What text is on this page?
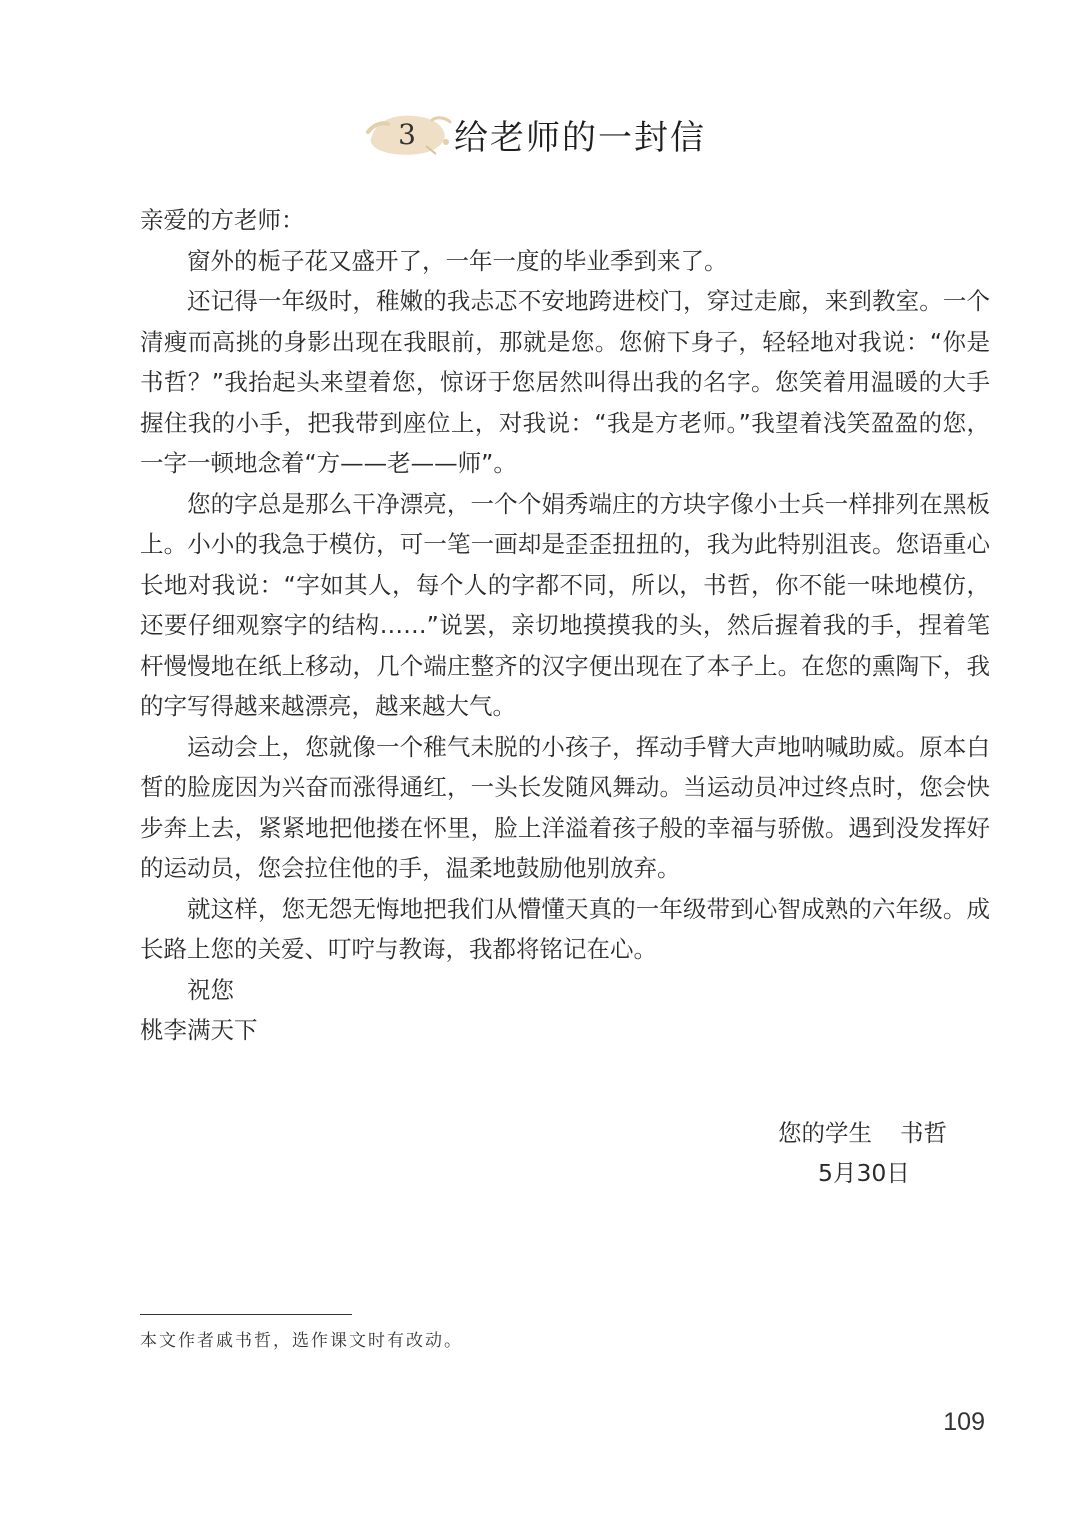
3 给老师的一封信

亲爱的方老师：

窗外的栀子花又盛开了，一年一度的毕业季到来了。

还记得一年级时，稚嫩的我忐忑不安地跨进校门，穿过走廊，来到教室。一个清瘦而高挑的身影出现在我眼前，那就是您。您俯下身子，轻轻地对我说：“你是书哲？”我抬起头来望着您，惊讶于您居然叫得出我的名字。您笑着用温暖的大手握住我的小手，把我带到座位上，对我说：“我是方老师。”我望着浅笑盈盈的您，一字一顿地念着“方——老——师”。

您的字总是那么干净漂亮，一个个娟秀端庄的方块字像小士兵一样排列在黑板上。小小的我急于模仿，可一笔一画却是歪歪扭扭的，我为此特别沮丧。您语重心长地对我说：“字如其人，每个人的字都不同，所以，书哲，你不能一味地模仿，还要仔细观察字的结构……”说罢，亲切地摸摸我的头，然后握着我的手，捏着笔杆慢慢地在纸上移动，几个端庄整齐的汉字便出现在了本子上。在您的熏陶下，我的字写得越来越漂亮，越来越大气。

运动会上，您就像一个稚气未脱的小孩子，挥动手臂大声地呐喊助威。原本白皙的脸庞因为兴奋而涨得通红，一头长发随风舞动。当运动员冲过终点时，您会快步奔上去，紧紧地把他搂在怀里，脸上洋溢着孩子般的幸福与骄傲。遇到没发挥好的运动员，您会拉住他的手，温柔地鼓励他别放弃。

就这样，您无怨无悔地把我们从懵懂天真的一年级带到心智成熟的六年级。成长路上您的关爱、叮咛与教诲，我都将铭记在心。

祝您

桃李满天下

您的学生 书哲
5月30日
本文作者戚书哲，选作课文时有改动。
109
